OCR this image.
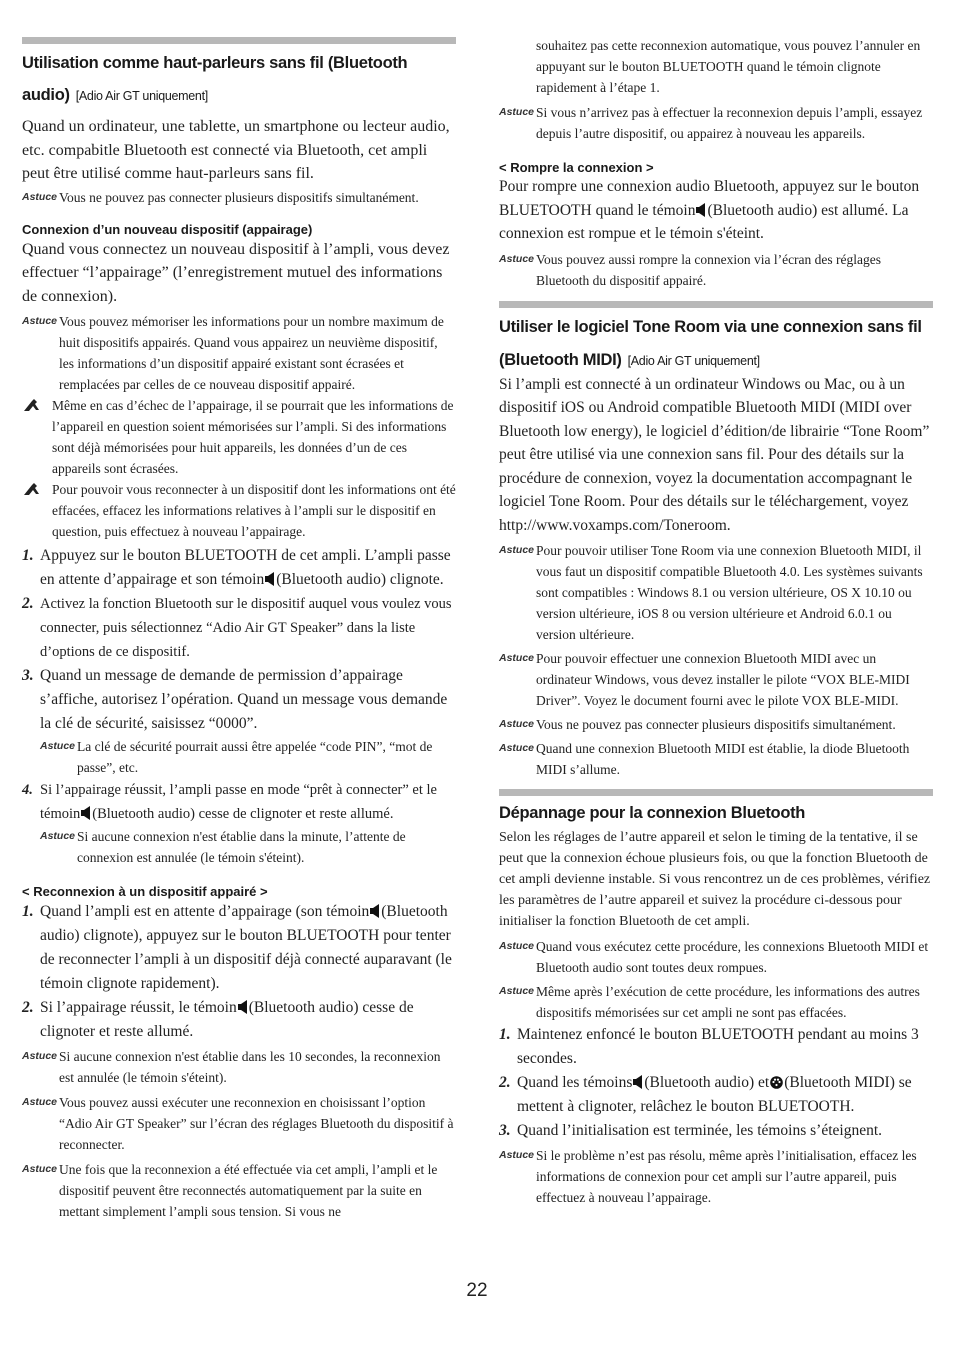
Utilisation comme haut-parleurs sans fil (Bluetooth
audio) [Adio Air GT uniquement]

Quand un ordinateur, une tablette, un smartphone ou lecteur audio, etc. compabitle Bluetooth est connecté via Bluetooth, cet ampli peut être utilisé comme haut-parleurs sans fil.

Astuce Vous ne pouvez pas connecter plusieurs dispositifs simultanément.

Connexion d’un nouveau dispositif (appairage)

Quand vous connectez un nouveau dispositif à l’ampli, vous devez effectuer “l’appairage” (l’enregistrement mutuel des informations de connexion).

Astuce Vous pouvez mémoriser les informations pour un nombre maximum de huit dispositifs appairés. Quand vous appairez un neuvième dispositif, les informations d’un dispositif appairé existant sont écrasées et remplacées par celles de ce nouveau dispositif appairé.

Même en cas d’échec de l’appairage, il se pourrait que les informations de l’appareil en question soient mémorisées sur l’ampli. Si des informations sont déjà mémorisées pour huit appareils, les données d’un de ces appareils sont écrasées.

Pour pouvoir vous reconnecter à un dispositif dont les informations ont été effacées, effacez les informations relatives à l’ampli sur le dispositif en question, puis effectuez à nouveau l’appairage.

1. Appuyez sur le bouton BLUETOOTH de cet ampli. L’ampli passe en attente d’appairage et son témoin (Bluetooth audio) clignote.

2. Activez la fonction Bluetooth sur le dispositif auquel vous voulez vous connecter, puis sélectionnez “Adio Air GT Speaker” dans la liste d’options de ce dispositif.

3. Quand un message de demande de permission d’appairage s’affiche, autorisez l’opération. Quand un message vous demande la clé de sécurité, saisissez “0000”.

Astuce La clé de sécurité pourrait aussi être appelée “code PIN”, “mot de passe”, etc.

4. Si l’appairage réussit, l’ampli passe en mode “prêt à connecter” et le témoin (Bluetooth audio) cesse de clignoter et reste allumé.

Astuce Si aucune connexion n'est établie dans la minute, l’attente de connexion est annulée (le témoin s'éteint).

< Reconnexion à un dispositif appairé >

1. Quand l’ampli est en attente d’appairage (son témoin (Bluetooth audio) clignote), appuyez sur le bouton BLUETOOTH pour tenter de reconnecter l’ampli à un dispositif déjà connecté auparavant (le témoin clignote rapidement).

2. Si l’appairage réussit, le témoin (Bluetooth audio) cesse de clignoter et reste allumé.

Astuce Si aucune connexion n'est établie dans les 10 secondes, la reconnexion est annulée (le témoin s'éteint).

Astuce Vous pouvez aussi exécuter une reconnexion en choisissant l’option “Adio Air GT Speaker” sur l’écran des réglages Bluetooth du dispositif à reconnecter.

Astuce Une fois que la reconnexion a été effectuée via cet ampli, l’ampli et le dispositif peuvent être reconnectés automatiquement par la suite en mettant simplement l’ampli sous tension. Si vous ne

souhaitez pas cette reconnexion automatique, vous pouvez l’annuler en appuyant sur le bouton BLUETOOTH quand le témoin clignote rapidement à l’étape 1.

Astuce Si vous n’arrivez pas à effectuer la reconnexion depuis l’ampli, essayez depuis l’autre dispositif, ou appairez à nouveau les appareils.

< Rompre la connexion >

Pour rompre une connexion audio Bluetooth, appuyez sur le bouton BLUETOOTH quand le témoin (Bluetooth audio) est allumé. La connexion est rompue et le témoin s'éteint.

Astuce Vous pouvez aussi rompre la connexion via l’écran des réglages Bluetooth du dispositif appairé.

Utiliser le logiciel Tone Room via une connexion sans fil
(Bluetooth MIDI) [Adio Air GT uniquement]

Si l’ampli est connecté à un ordinateur Windows ou Mac, ou à un dispositif iOS ou Android compatible Bluetooth MIDI (MIDI over Bluetooth low energy), le logiciel d’édition/de librairie “Tone Room” peut être utilisé via une connexion sans fil. Pour des détails sur la procédure de connexion, voyez la documentation accompagnant le logiciel Tone Room. Pour des détails sur le téléchargement, voyez http://www.voxamps.com/Toneroom.

Astuce Pour pouvoir utiliser Tone Room via une connexion Bluetooth MIDI, il vous faut un dispositif compatible Bluetooth 4.0. Les systèmes suivants sont compatibles : Windows 8.1 ou version ultérieure, OS X 10.10 ou version ultérieure, iOS 8 ou version ultérieure et Android 6.0.1 ou version ultérieure.

Astuce Pour pouvoir effectuer une connexion Bluetooth MIDI avec un ordinateur Windows, vous devez installer le pilote “VOX BLE-MIDI Driver”. Voyez le document fourni avec le pilote VOX BLE-MIDI.

Astuce Vous ne pouvez pas connecter plusieurs dispositifs simultanément.

Astuce Quand une connexion Bluetooth MIDI est établie, la diode Bluetooth MIDI s’allume.

Dépannage pour la connexion Bluetooth

Selon les réglages de l’autre appareil et selon le timing de la tentative, il se peut que la connexion échoue plusieurs fois, ou que la fonction Bluetooth de cet ampli devienne instable. Si vous rencontrez un de ces problèmes, vérifiez les paramètres de l’autre appareil et suivez la procédure ci-dessous pour initialiser la fonction Bluetooth de cet ampli.

Astuce Quand vous exécutez cette procédure, les connexions Bluetooth MIDI et Bluetooth audio sont toutes deux rompues.

Astuce Même après l’exécution de cette procédure, les informations des autres dispositifs mémorisées sur cet ampli ne sont pas effacées.

1. Maintenez enfoncé le bouton BLUETOOTH pendant au moins 3 secondes.

2. Quand les témoins (Bluetooth audio) et (Bluetooth MIDI) se mettent à clignoter, relâchez le bouton BLUETOOTH.

3. Quand l’initialisation est terminée, les témoins s’éteignent.

Astuce Si le problème n’est pas résolu, même après l’initialisation, effacez les informations de connexion pour cet ampli sur l’autre appareil, puis effectuez à nouveau l’appairage.

22
